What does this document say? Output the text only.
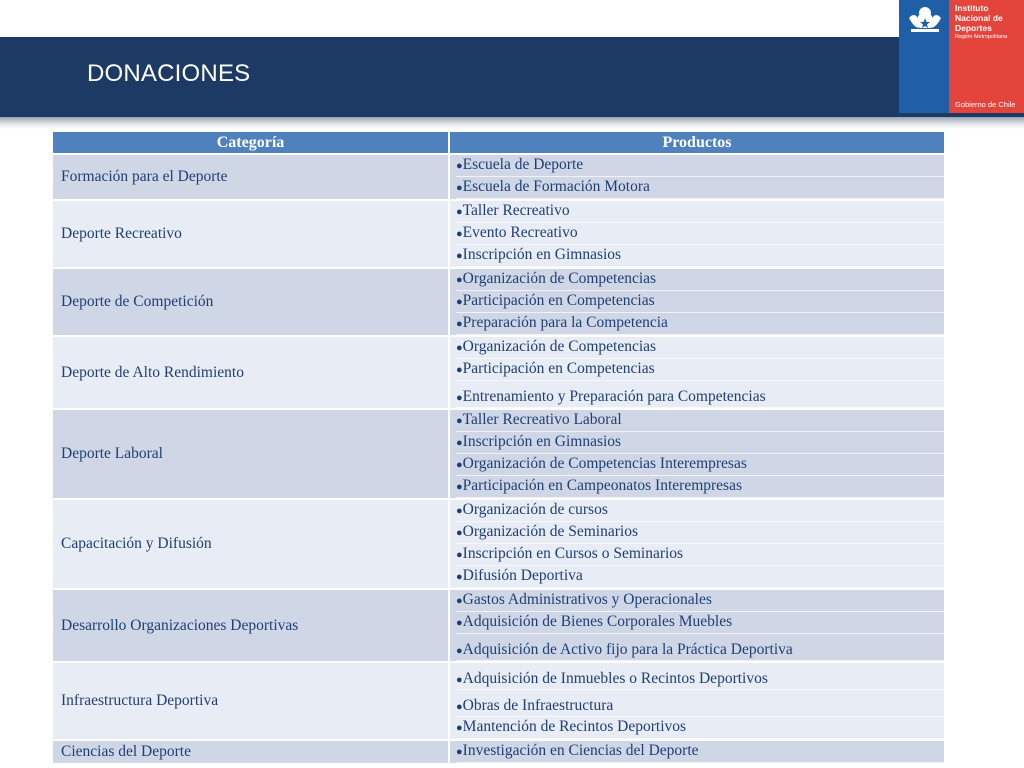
DONACIONES
Instituto
Nacional de
Deportes
Región Metropolitana
Gobierno de Chile
Categoría	Productos
Formación para el Deporte	●Escuela de Deporte
●Escuela de Formación Motora

Deporte Recreativo	●Taller Recreativo
●Evento Recreativo
●Inscripción en Gimnasios

Deporte de Competición	●Organización de Competencias
●Participación en Competencias
●Preparación para la Competencia

Deporte de Alto Rendimiento	●Organización de Competencias
●Participación en Competencias
●Entrenamiento y Preparación para Competencias

Deporte Laboral	●Taller Recreativo Laboral
●Inscripción en Gimnasios
●Organización de Competencias Interempresas
●Participación en Campeonatos Interempresas

Capacitación y Difusión	●Organización de cursos
●Organización de Seminarios
●Inscripción en Cursos o Seminarios
●Difusión Deportiva

Desarrollo Organizaciones Deportivas	●Gastos Administrativos y Operacionales
●Adquisición de Bienes Corporales Muebles
●Adquisición de Activo fijo para la Práctica Deportiva

Infraestructura Deportiva	●Adquisición de Inmuebles o Recintos Deportivos
●Obras de Infraestructura
●Mantención de Recintos Deportivos

Ciencias del Deporte	●Investigación en Ciencias del Deporte
